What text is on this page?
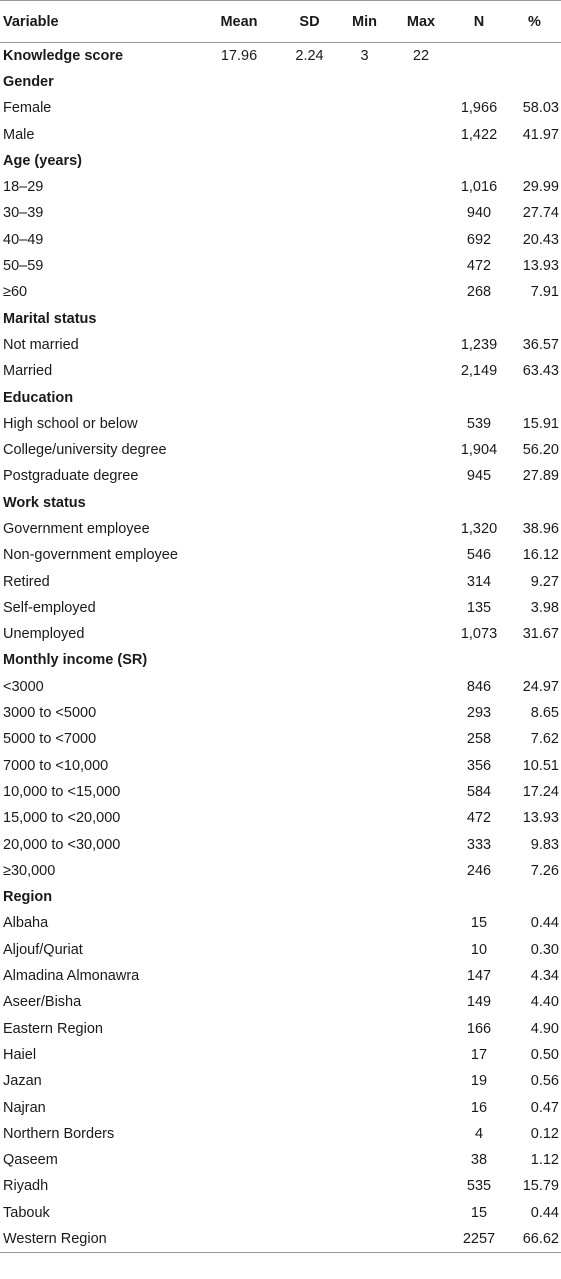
Variable	Mean	SD	Min	Max	N	%
Knowledge score	17.96	2.24	3	22		
Gender						
Female					1,966	58.03
Male					1,422	41.97
Age (years)						
18–29					1,016	29.99
30–39					940	27.74
40–49					692	20.43
50–59					472	13.93
≥60					268	7.91
Marital status						
Not married					1,239	36.57
Married					2,149	63.43
Education						
High school or below					539	15.91
College/university degree					1,904	56.20
Postgraduate degree					945	27.89
Work status						
Government employee					1,320	38.96
Non-government employee					546	16.12
Retired					314	9.27
Self-employed					135	3.98
Unemployed					1,073	31.67
Monthly income (SR)						
<3000					846	24.97
3000 to <5000					293	8.65
5000 to <7000					258	7.62
7000 to <10,000					356	10.51
10,000 to <15,000					584	17.24
15,000 to <20,000					472	13.93
20,000 to <30,000					333	9.83
≥30,000					246	7.26
Region						
Albaha					15	0.44
Aljouf/Quriat					10	0.30
Almadina Almonawra					147	4.34
Aseer/Bisha					149	4.40
Eastern Region					166	4.90
Haiel					17	0.50
Jazan					19	0.56
Najran					16	0.47
Northern Borders					4	0.12
Qaseem					38	1.12
Riyadh					535	15.79
Tabouk					15	0.44
Western Region					2257	66.62
